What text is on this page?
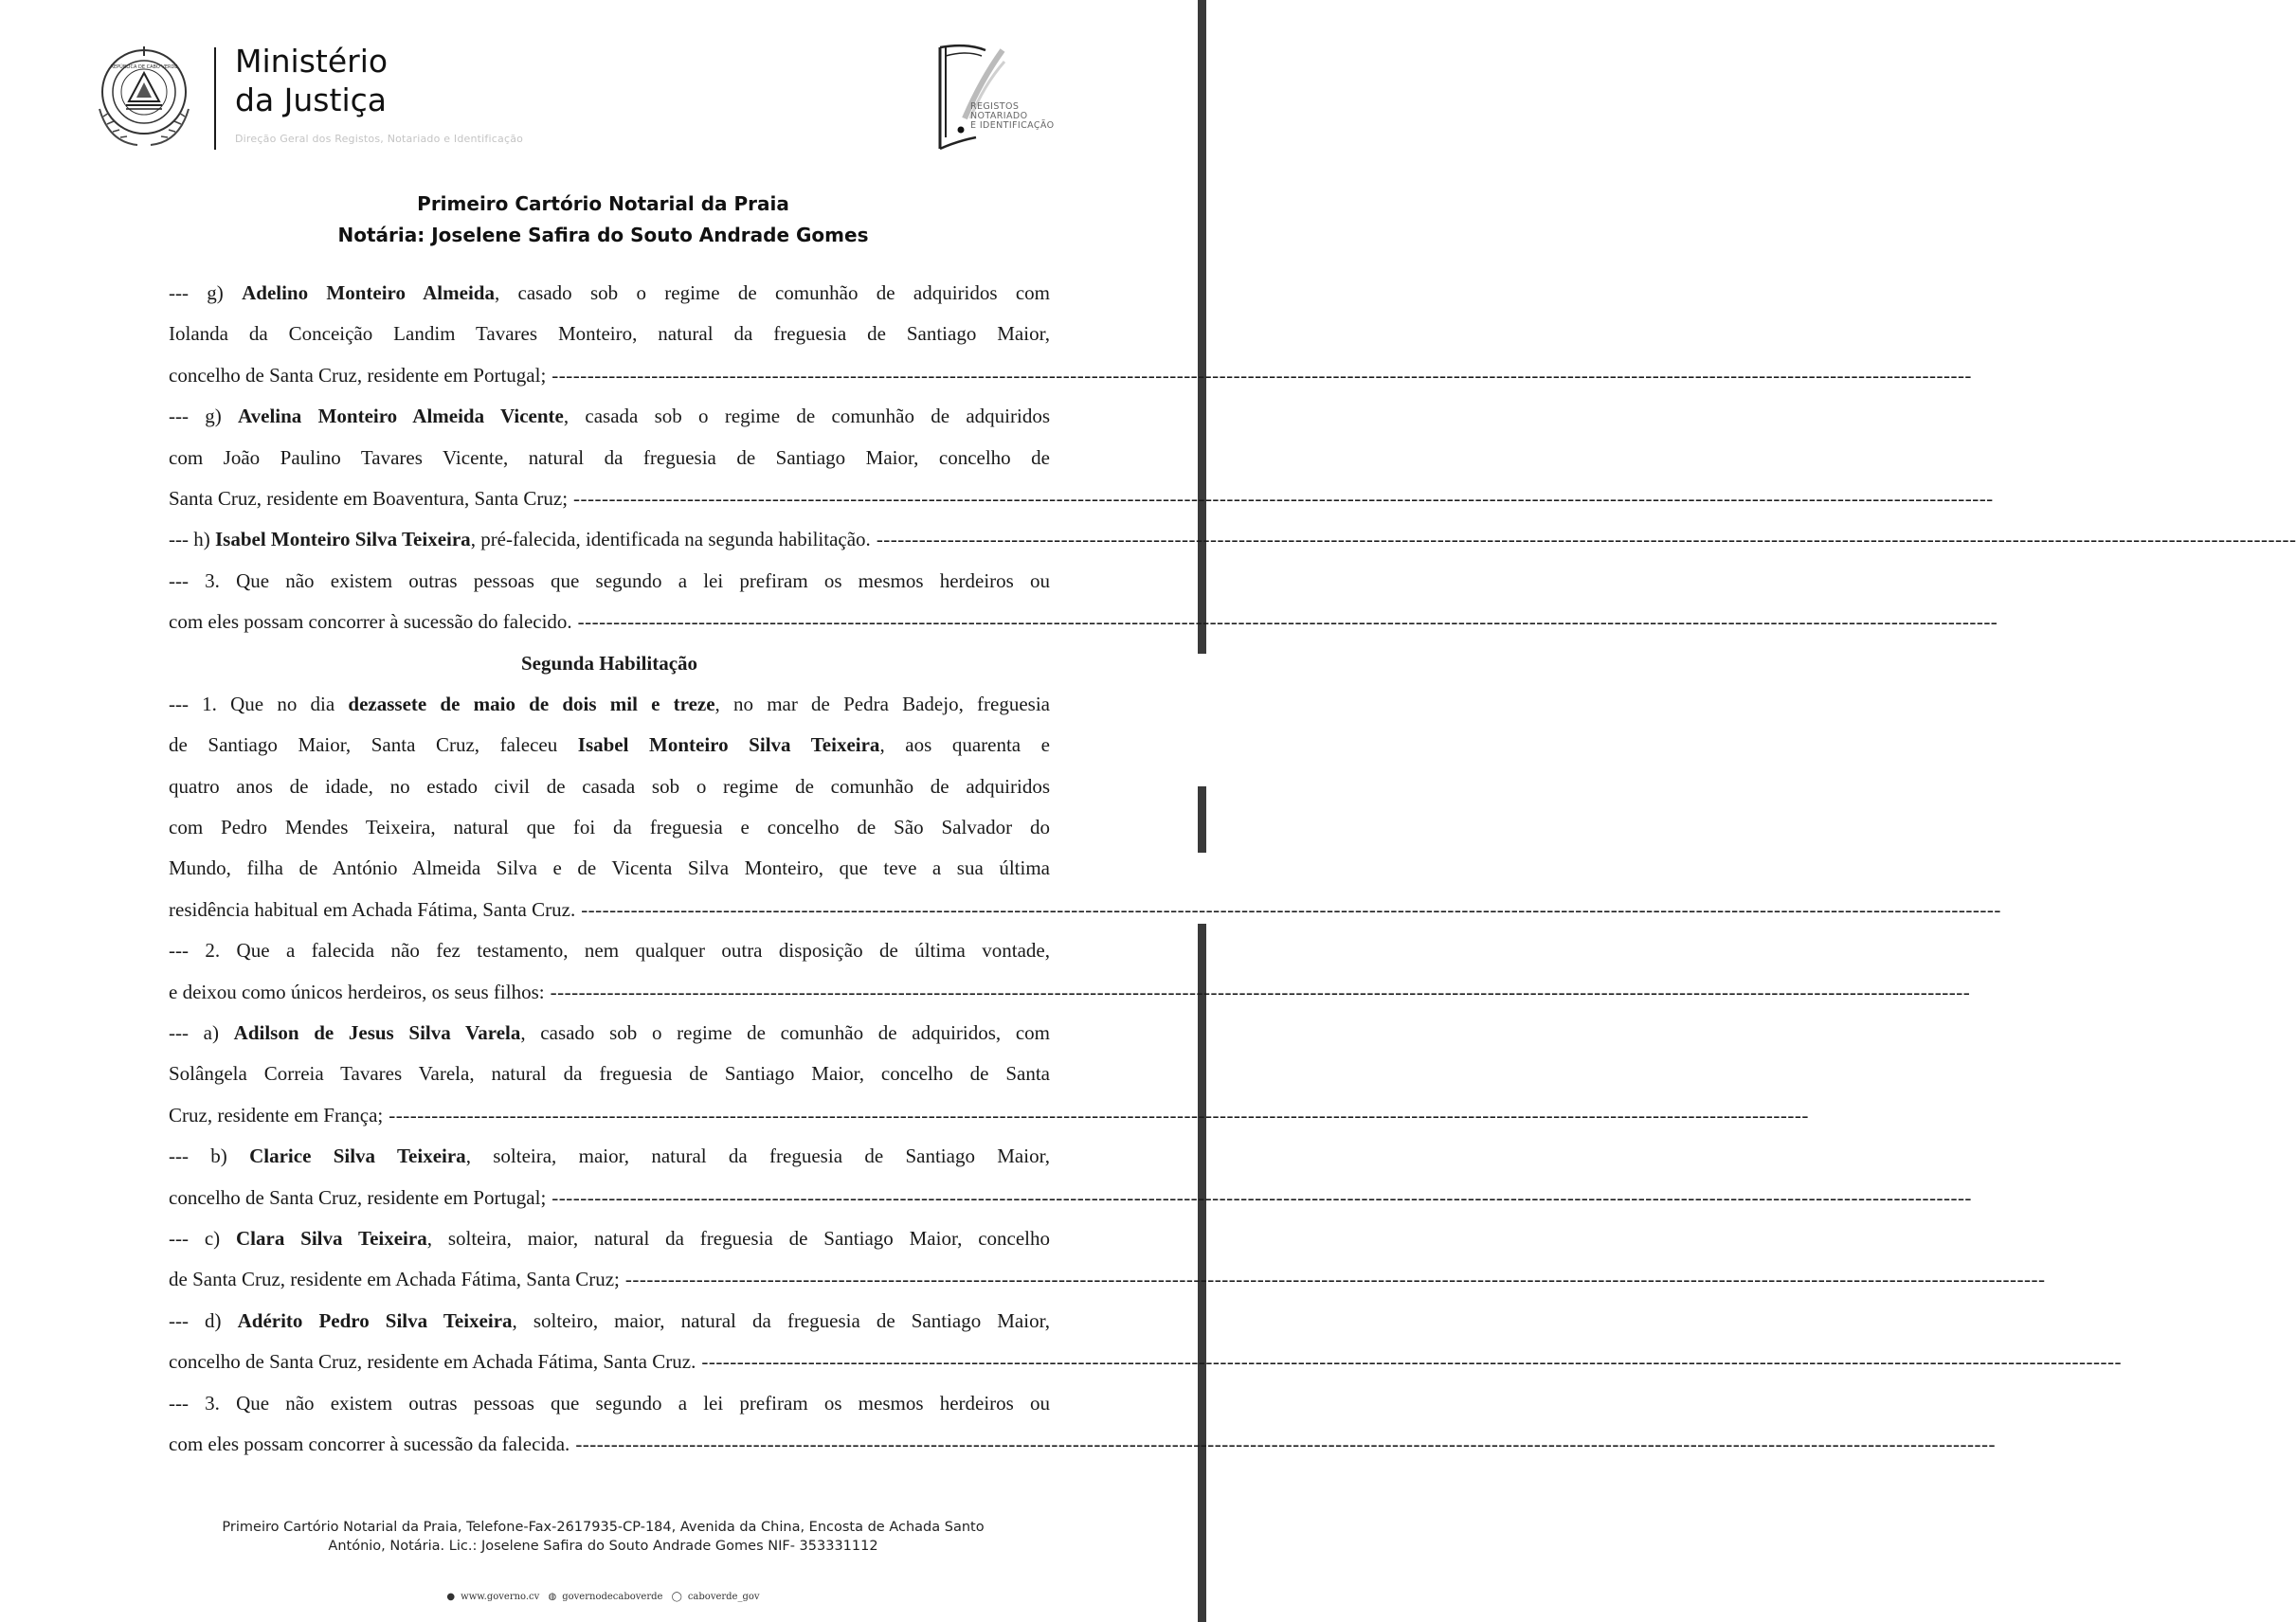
REPÚBLICA DE CABO VERDE Ministério
da Justiça
Direção Geral dos Registos, Notariado e Identificação
REGISTOS
NOTARIADO
E IDENTIFICAÇÃO
Primeiro Cartório Notarial da Praia
Notária: Joselene Safira do Souto Andrade Gomes
--- g) Adelino Monteiro Almeida, casado sob o regime de comunhão de adquiridos com
Iolanda da Conceição Landim Tavares Monteiro, natural da freguesia de Santiago Maior,
concelho de Santa Cruz, residente em Portugal; --------------------------------------------------------------------------------------------------------------------------------------------------------------------------------------------------------
--- g) Avelina Monteiro Almeida Vicente, casada sob o regime de comunhão de adquiridos
com João Paulino Tavares Vicente, natural da freguesia de Santiago Maior, concelho de
Santa Cruz, residente em Boaventura, Santa Cruz; --------------------------------------------------------------------------------------------------------------------------------------------------------------------------------------------------------
--- h) Isabel Monteiro Silva Teixeira, pré-falecida, identificada na segunda habilitação. --------------------------------------------------------------------------------------------------------------------------------------------------------------------------------------------------------
--- 3. Que não existem outras pessoas que segundo a lei prefiram os mesmos herdeiros ou
com eles possam concorrer à sucessão do falecido. --------------------------------------------------------------------------------------------------------------------------------------------------------------------------------------------------------
Segunda Habilitação
--- 1. Que no dia dezassete de maio de dois mil e treze, no mar de Pedra Badejo, freguesia
de Santiago Maior, Santa Cruz, faleceu Isabel Monteiro Silva Teixeira, aos quarenta e
quatro anos de idade, no estado civil de casada sob o regime de comunhão de adquiridos
com Pedro Mendes Teixeira, natural que foi da freguesia e concelho de São Salvador do
Mundo, filha de António Almeida Silva e de Vicenta Silva Monteiro, que teve a sua última
residência habitual em Achada Fátima, Santa Cruz. --------------------------------------------------------------------------------------------------------------------------------------------------------------------------------------------------------
--- 2. Que a falecida não fez testamento, nem qualquer outra disposição de última vontade,
e deixou como únicos herdeiros, os seus filhos: --------------------------------------------------------------------------------------------------------------------------------------------------------------------------------------------------------
--- a) Adilson de Jesus Silva Varela, casado sob o regime de comunhão de adquiridos, com
Solângela Correia Tavares Varela, natural da freguesia de Santiago Maior, concelho de Santa
Cruz, residente em França; --------------------------------------------------------------------------------------------------------------------------------------------------------------------------------------------------------
--- b) Clarice Silva Teixeira, solteira, maior, natural da freguesia de Santiago Maior,
concelho de Santa Cruz, residente em Portugal; --------------------------------------------------------------------------------------------------------------------------------------------------------------------------------------------------------
--- c) Clara Silva Teixeira, solteira, maior, natural da freguesia de Santiago Maior, concelho
de Santa Cruz, residente em Achada Fátima, Santa Cruz; --------------------------------------------------------------------------------------------------------------------------------------------------------------------------------------------------------
--- d) Adérito Pedro Silva Teixeira, solteiro, maior, natural da freguesia de Santiago Maior,
concelho de Santa Cruz, residente em Achada Fátima, Santa Cruz. --------------------------------------------------------------------------------------------------------------------------------------------------------------------------------------------------------
--- 3. Que não existem outras pessoas que segundo a lei prefiram os mesmos herdeiros ou
com eles possam concorrer à sucessão da falecida. --------------------------------------------------------------------------------------------------------------------------------------------------------------------------------------------------------
Primeiro Cartório Notarial da Praia, Telefone-Fax-2617935-CP-184, Avenida da China, Encosta de Achada Santo
António, Notária. Lic.: Joselene Safira do Souto Andrade Gomes NIF- 353331112
● www.governo.cv ◍ governodecaboverde ◯ caboverde_gov
